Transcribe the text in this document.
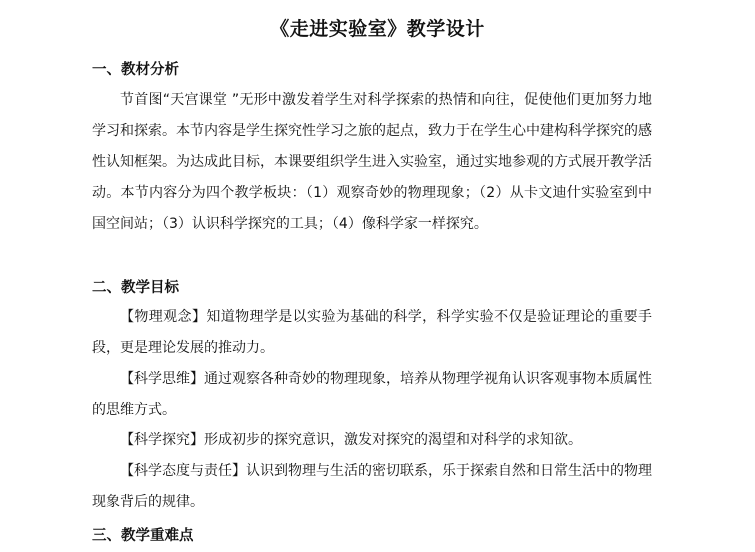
《走进实验室》教学设计
一、教材分析

节首图“天宫课堂 ”无形中激发着学生对科学探索的热情和向往，促使他们更加努力地学习和探索。本节内容是学生探究性学习之旅的起点，致力于在学生心中建构科学探究的感性认知框架。为达成此目标，本课要组织学生进入实验室，通过实地参观的方式展开教学活动。本节内容分为四个教学板块：（1）观察奇妙的物理现象；（2）从卡文迪什实验室到中国空间站；（3）认识科学探究的工具；（4）像科学家一样探究。

二、教学目标

【物理观念】知道物理学是以实验为基础的科学，科学实验不仅是验证理论的重要手段，更是理论发展的推动力。

【科学思维】通过观察各种奇妙的物理现象，培养从物理学视角认识客观事物本质属性的思维方式。

【科学探究】形成初步的探究意识，激发对探究的渴望和对科学的求知欲。

【科学态度与责任】认识到物理与生活的密切联系，乐于探索自然和日常生活中的物理现象背后的规律。

三、教学重难点
